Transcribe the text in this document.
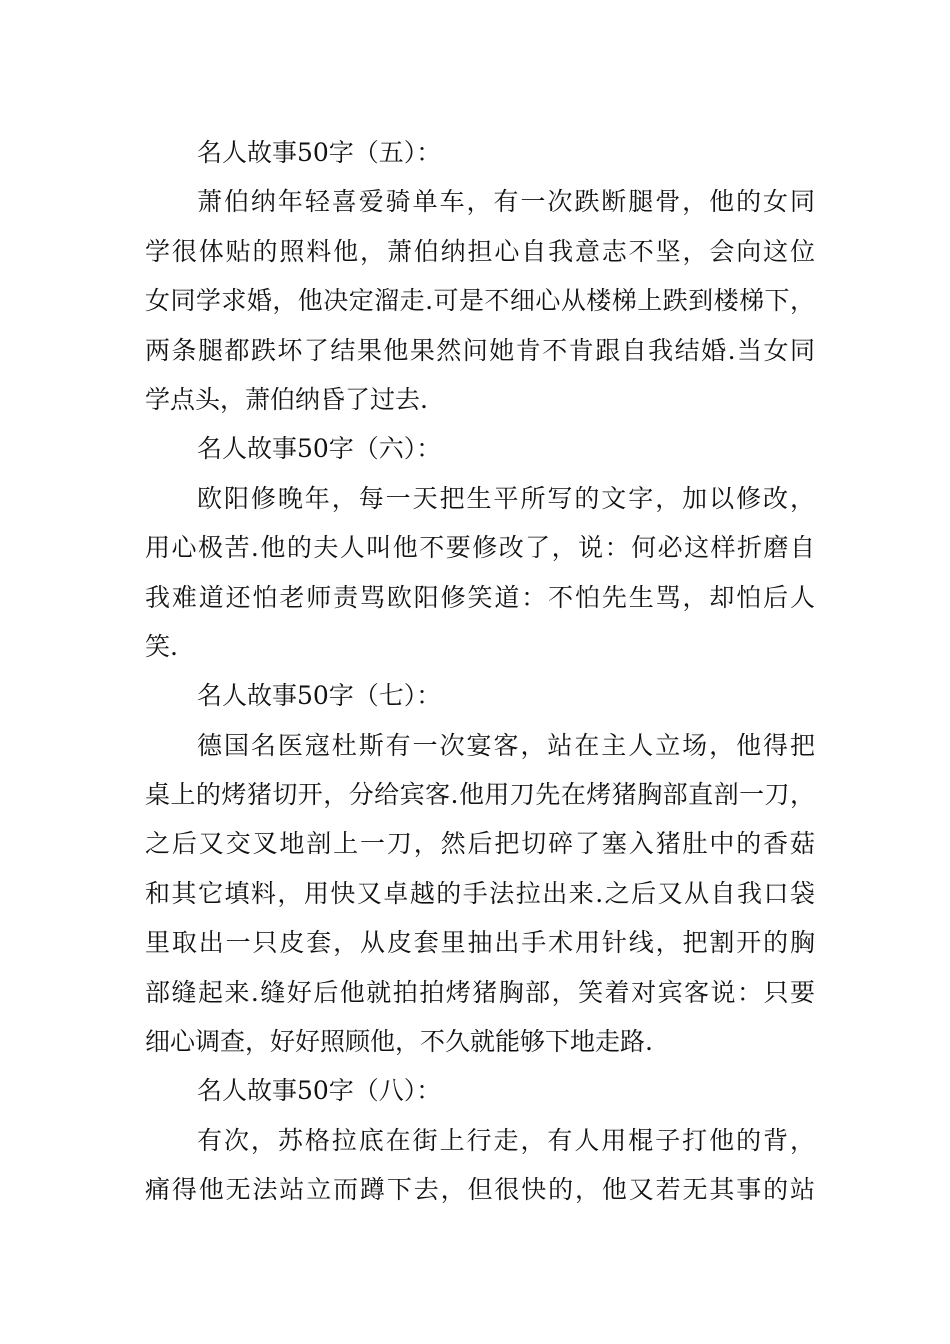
名人故事50字（五）：
萧伯纳年轻喜爱骑单车，有一次跌断腿骨，他的女同
学很体贴的照料他，萧伯纳担心自我意志不坚，会向这位
女同学求婚，他决定溜走.可是不细心从楼梯上跌到楼梯下，
两条腿都跌坏了结果他果然问她肯不肯跟自我结婚.当女同
学点头，萧伯纳昏了过去.
名人故事50字（六）：
欧阳修晚年，每一天把生平所写的文字，加以修改，
用心极苦.他的夫人叫他不要修改了，说：何必这样折磨自
我难道还怕老师责骂欧阳修笑道：不怕先生骂，却怕后人
笑.
名人故事50字（七）：
德国名医寇杜斯有一次宴客，站在主人立场，他得把
桌上的烤猪切开，分给宾客.他用刀先在烤猪胸部直剖一刀，
之后又交叉地剖上一刀，然后把切碎了塞入猪肚中的香菇
和其它填料，用快又卓越的手法拉出来.之后又从自我口袋
里取出一只皮套，从皮套里抽出手术用针线，把割开的胸
部缝起来.缝好后他就拍拍烤猪胸部，笑着对宾客说：只要
细心调查，好好照顾他，不久就能够下地走路.
名人故事50字（八）：
有次，苏格拉底在街上行走，有人用棍子打他的背，
痛得他无法站立而蹲下去，但很快的，他又若无其事的站
